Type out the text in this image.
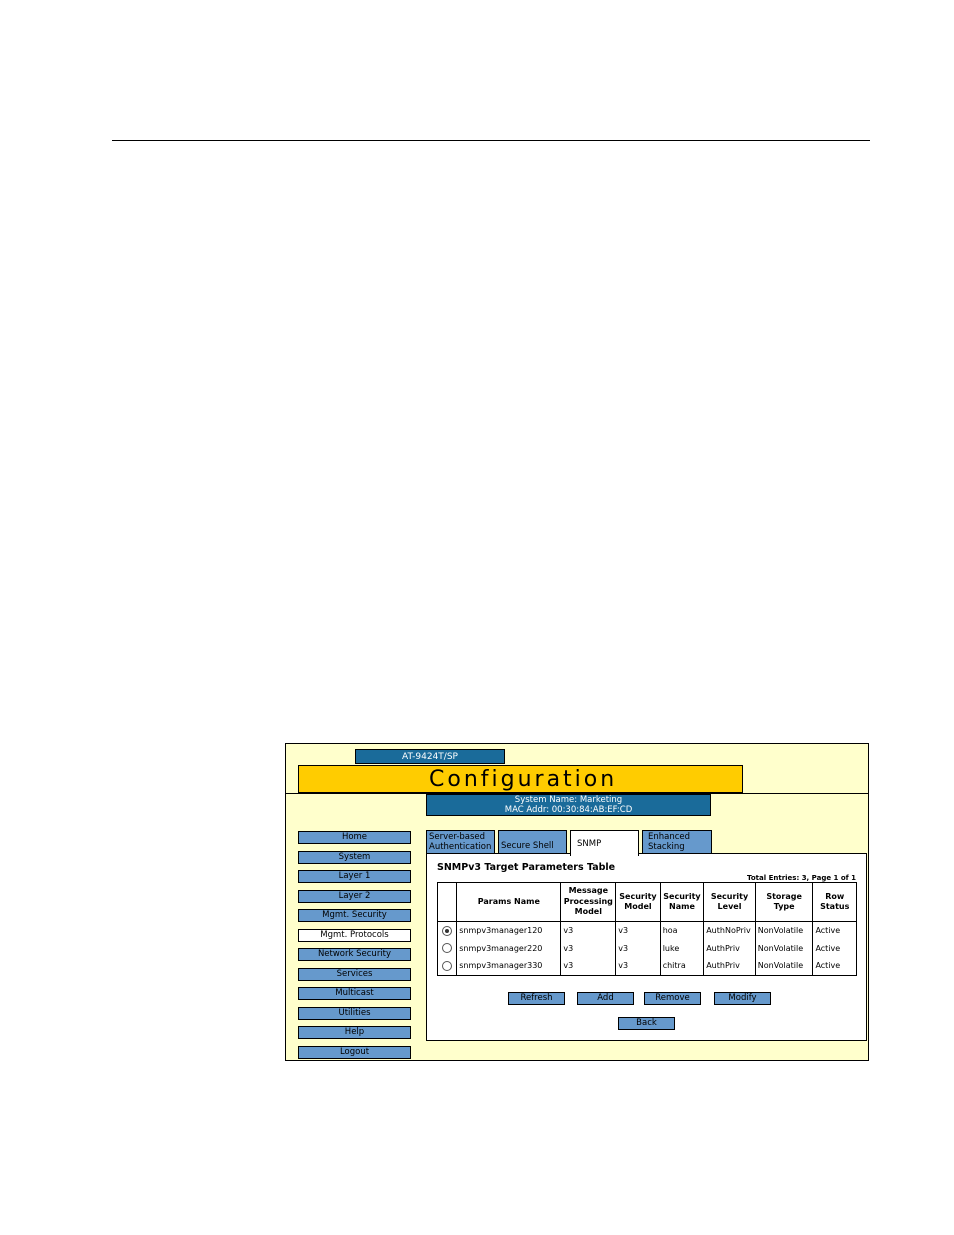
AT-9424T/SP
Configuration
System Name: Marketing
MAC Addr: 00:30:84:AB:EF:CD
Home
System
Layer 1
Layer 2
Mgmt. Security
Mgmt. Protocols
Network Security
Services
Multicast
Utilities
Help
Logout
Server-based
Authentication Secure Shell	SNMP
Enhanced
Stacking
SNMPv3 Target Parameters Table
Total Entries: 3, Page 1 of 1
	Params Name	Message Processing Model	Security Model	Security Name	Security Level	Storage Type	Row Status
	snmpv3manager120	v3	v3	hoa	AuthNoPriv	NonVolatile	Active
	snmpv3manager220	v3	v3	luke	AuthPriv	NonVolatile	Active
	snmpv3manager330	v3	v3	chitra	AuthPriv	NonVolatile	Active
Refresh	Add	Remove	Modify
Back
